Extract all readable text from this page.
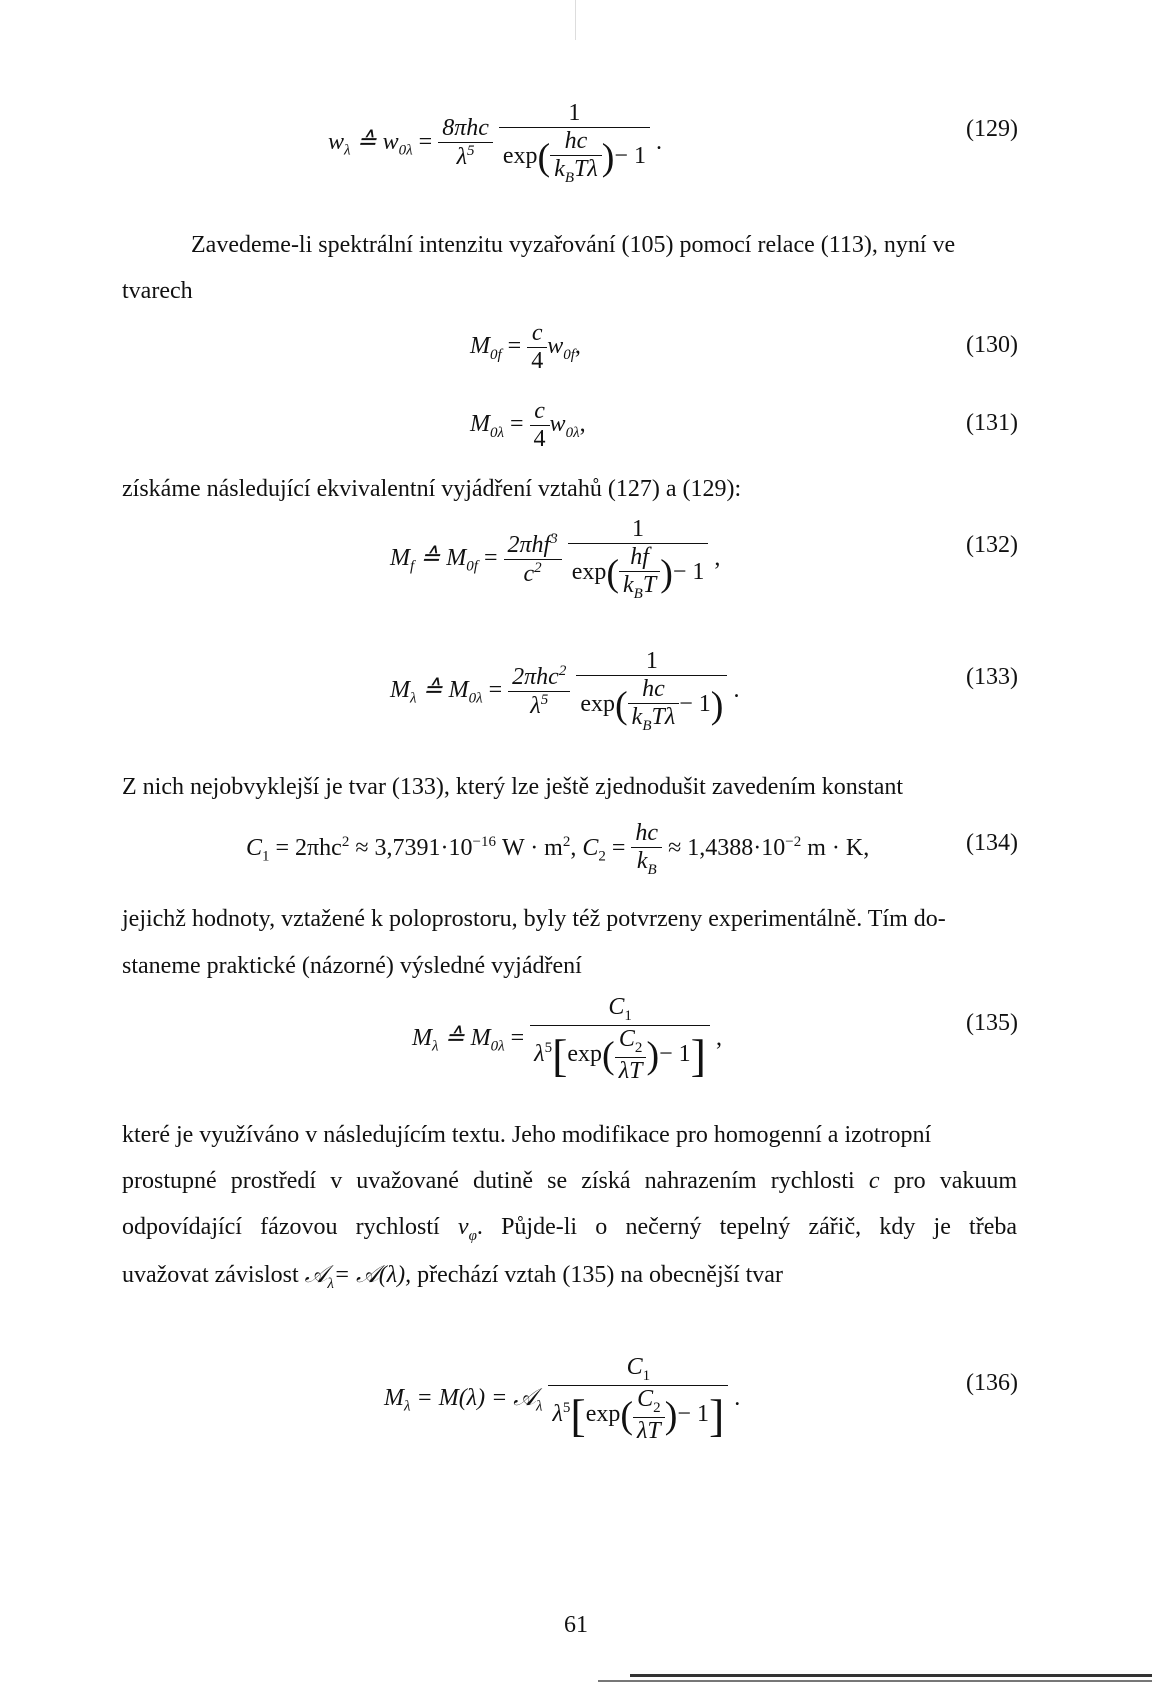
$w_\lambda$ ≙ $w_{0\lambda} = \frac{\text{8πhc}}{\lambda^5}$
$\frac{1}{\exp( \frac{hc}{k_BT\lambda} )- 1}$ .	(129)

Zavedeme-li spektrální intenzitu vyzařování (105) pomocí relace (113), nyní ve

tvarech

$M_{0f} = \frac{c}{4} w_{0f}$,	(130)
$M_{0\lambda} = \frac{c}{4} w_{0\lambda}$,	(131)

získáme následující ekvivalentní vyjádření vztahů (127) a (129):

$M_f$ ≙ $M_{0f} = \frac{2\pi hf^3}{c^2}$
$\frac{1}{\exp( \frac{hf}{k_BT} )- 1}$ ,	(132)
$M_\lambda$ ≙ $M_{0\lambda} = \frac{2\pi hc^2}{\lambda^5}$
$\frac{1}{\exp( \frac{hc}{k_BT\lambda} - 1)}$ .	(133)

Z nich nejobvyklejší je tvar (133), který lze ještě zjednodušit zavedením konstant

$C_1 = 2\pi hc^2 \approx 3,7391\cdot 10^{-16}$ $W \cdot m^2$, $C_2 = \frac{hc}{k_B} \approx 1,4388\cdot 10^{-2}$ m · K,	(134)

jejichž hodnoty, vztažené k poloprostoru, byly též potvrzeny experimentálně. Tím do-

staneme praktické (názorné) výsledné vyjádření

$M_\lambda$ ≙ $M_{0\lambda} = \frac{C_1}{\lambda^5[\exp( \frac{C_2}{\lambda T} )- 1]}$ ,
(135)

které je využíváno v následujícím textu. Jeho modifikace pro homogenní a izotropní

prostupné prostředí v uvažované dutině se získá nahrazením rychlosti c pro vakuum

odpovídající fázovou rychlostí $v_\varphi$. Půjde-li o nečerný tepelný zářič, kdy je třeba

uvažovat závislost 𝒜$_\lambda$= 𝒜(λ), přechází vztah (135) na obecnější tvar

$M_\lambda = M(\lambda)$ = 𝒜$_\lambda$ $\frac{C_1}{\lambda^5[\exp( \frac{C_2}{\lambda T} )- 1]}$ .
(136)
61
